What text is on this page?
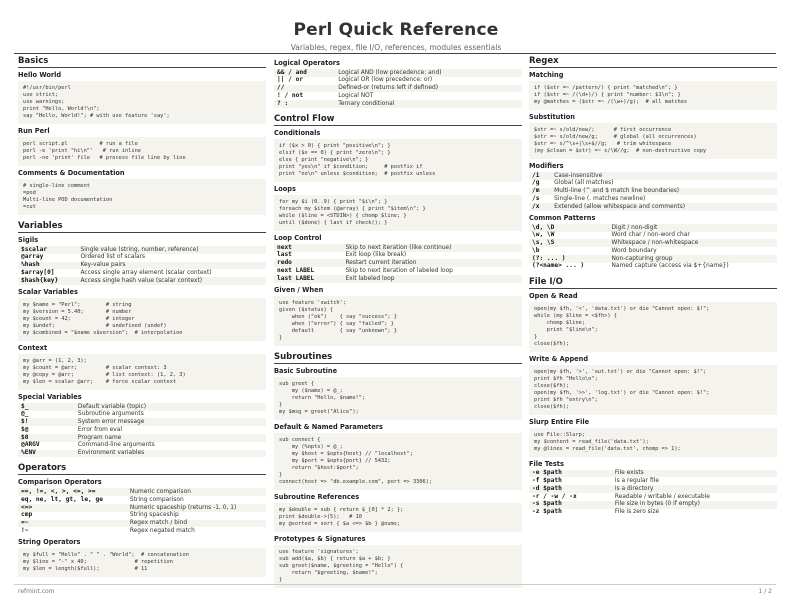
Perl Quick Reference
Variables, regex, file I/O, references, modules essentials
Basics
Hello World
#!/usr/bin/perl
use strict;
use warnings;
print "Hello, World!\n";
say "Hello, World!"; # with use feature 'say';
Run Perl
perl script.pl          # run a file
perl -e 'print "hi\n"'   # run inline
perl -ne 'print' file   # process file line by line
Comments & Documentation
# single-line comment
=pod
Multi-line POD documentation
=cut
Variables
Sigils
$scalar	Single value (string, number, reference)
@array	Ordered list of scalars
%hash	Key-value pairs
$array[0]	Access single array element (scalar context)
$hash{key}	Access single hash value (scalar context)
Scalar Variables
my $name = "Perl";        # string
my $version = 5.40;       # number
my $count = 42;           # integer
my $undef;                # undefined (undef)
my $combined = "$name v$version";  # interpolation
Context
my @arr = (1, 2, 3);
my $count = @arr;         # scalar context: 3
my @copy = @arr;          # list context: (1, 2, 3)
my $len = scalar @arr;    # force scalar context
Special Variables
$_	Default variable (topic)
@_	Subroutine arguments
$!	System error message
$@	Error from eval
$0	Program name
@ARGV	Command-line arguments
%ENV	Environment variables
Operators
Comparison Operators
==, !=, <, >, <=, >=	Numeric comparison
eq, ne, lt, gt, le, ge	String comparison
<=>	Numeric spaceship (returns -1, 0, 1)
cmp	String spaceship
=~	Regex match / bind
!~	Regex negated match
String Operators
my $full = "Hello" . " " . "World";  # concatenation
my $line = "-" x 40;               # repetition
my $len = length($full);           # 11
Logical Operators
&& / and	Logical AND (low precedence: and)
|| / or	Logical OR (low precedence: or)
//	Defined-or (returns left if defined)
! / not	Logical NOT
? :	Ternary conditional
Control Flow
Conditionals
if ($x > 0) { print "positive\n"; }
elsif ($x == 0) { print "zero\n"; }
else { print "negative\n"; }
print "yes\n" if $condition;     # postfix if
print "no\n" unless $condition;  # postfix unless
Loops
for my $i (0..9) { print "$i\n"; }
foreach my $item (@array) { print "$item\n"; }
while ($line = <STDIN>) { chomp $line; }
until ($done) { last if check(); }
Loop Control
next	Skip to next iteration (like continue)
last	Exit loop (like break)
redo	Restart current iteration
next LABEL	Skip to next iteration of labeled loop
last LABEL	Exit labeled loop
Given / When
use feature 'switch';
given ($status) {
when ("ok")    { say "success"; }
when ("error") { say "failed"; }
default        { say "unknown"; }
}
Subroutines
Basic Subroutine
sub greet {
my ($name) = @_;
return "Hello, $name!";
}
my $msg = greet("Alice");
Default & Named Parameters
sub connect {
my (%opts) = @_;
my $host = $opts{host} // "localhost";
my $port = $opts{port} // 5432;
return "$host:$port";
}
connect(host => "db.example.com", port => 3306);
Subroutine References
my $double = sub { return $_[0] * 2; };
print $double->(5);   # 10
my @sorted = sort { $a <=> $b } @nums;
Prototypes & Signatures
use feature 'signatures';
sub add($a, $b) { return $a + $b; }
sub greet($name, $greeting = "Hello") {
return "$greeting, $name!";
}
Regex
Matching
if ($str =~ /pattern/) { print "matched\n"; }
if ($str =~ /(\d+)/) { print "number: $1\n"; }
my @matches = ($str =~ /(\w+)/g);  # all matches
Substitution
$str =~ s/old/new/;      # first occurrence
$str =~ s/old/new/g;     # global (all occurrences)
$str =~ s/^\s+|\s+$//g;   # trim whitespace
(my $clean = $str) =~ s/\W//g;  # non-destructive copy
Modifiers
/i	Case-insensitive
/g	Global (all matches)
/m	Multi-line (^ and $ match line boundaries)
/s	Single-line (. matches newline)
/x	Extended (allow whitespace and comments)
Common Patterns
\d, \D	Digit / non-digit
\w, \W	Word char / non-word char
\s, \S	Whitespace / non-whitespace
\b	Word boundary
(?: ... )	Non-capturing group
(?<name> ... )	Named capture (access via $+{name})
File I/O
Open & Read
open(my $fh, '<', 'data.txt') or die "Cannot open: $!";
while (my $line = <$fh>) {
chomp $line;
print "$line\n";
}
close($fh);
Write & Append
open(my $fh, '>', 'out.txt') or die "Cannot open: $!";
print $fh "Hello\n";
close($fh);
open(my $fh, '>>', 'log.txt') or die "Cannot open: $!";
print $fh "entry\n";
close($fh);
Slurp Entire File
use File::Slurp;
my $content = read_file('data.txt');
my @lines = read_file('data.txt', chomp => 1);
File Tests
-e $path	File exists
-f $path	Is a regular file
-d $path	Is a directory
-r / -w / -x	Readable / writable / executable
-s $path	File size in bytes (0 if empty)
-z $path	File is zero size
refmint.com	1 / 2
